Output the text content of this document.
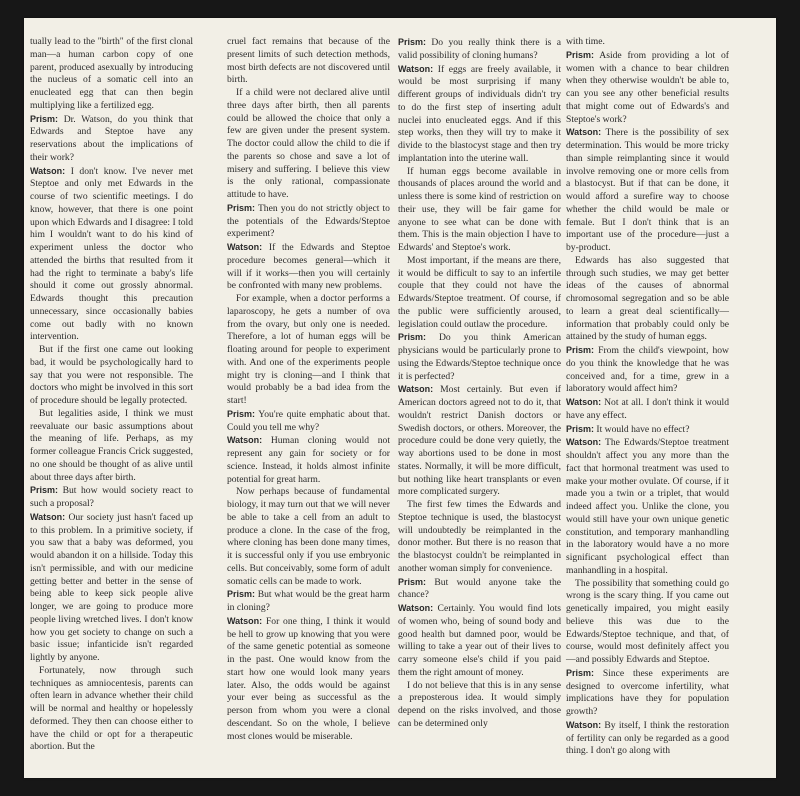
tually lead to the "birth" of the first clonal man—a human carbon copy of one parent, produced asexually by introducing the nucleus of a somatic cell into an enucleated egg that can then begin multiplying like a fertilized egg.

Prism: Dr. Watson, do you think that Edwards and Steptoe have any reservations about the implications of their work?

Watson: I don't know. I've never met Steptoe and only met Edwards in the course of two scientific meetings. I do know, however, that there is one point upon which Edwards and I disagree: I told him I wouldn't want to do his kind of experiment unless the doctor who attended the births that resulted from it had the right to terminate a baby's life should it come out grossly abnormal. Edwards thought this precaution unnecessary, since occasionally babies come out badly with no known intervention.

But if the first one came out looking bad, it would be psychologically hard to say that you were not responsible. The doctors who might be involved in this sort of procedure should be legally protected.

But legalities aside, I think we must reevaluate our basic assumptions about the meaning of life. Perhaps, as my former colleague Francis Crick suggested, no one should be thought of as alive until about three days after birth.

Prism: But how would society react to such a proposal?

Watson: Our society just hasn't faced up to this problem. In a primitive society, if you saw that a baby was deformed, you would abandon it on a hillside. Today this isn't permissible, and with our medicine getting better and better in the sense of being able to keep sick people alive longer, we are going to produce more people living wretched lives. I don't know how you get society to change on such a basic issue; infanticide isn't regarded lightly by anyone.

Fortunately, now through such techniques as amniocentesis, parents can often learn in advance whether their child will be normal and healthy or hopelessly deformed. They then can choose either to have the child or opt for a therapeutic abortion. But the

cruel fact remains that because of the present limits of such detection methods, most birth defects are not discovered until birth.

If a child were not declared alive until three days after birth, then all parents could be allowed the choice that only a few are given under the present system. The doctor could allow the child to die if the parents so chose and save a lot of misery and suffering. I believe this view is the only rational, compassionate attitude to have.

Prism: Then you do not strictly object to the potentials of the Edwards/Steptoe experiment?

Watson: If the Edwards and Steptoe procedure becomes general—which it will if it works—then you will certainly be confronted with many new problems.

For example, when a doctor performs a laparoscopy, he gets a number of ova from the ovary, but only one is needed. Therefore, a lot of human eggs will be floating around for people to experiment with. And one of the experiments people might try is cloning—and I think that would probably be a bad idea from the start!

Prism: You're quite emphatic about that. Could you tell me why?

Watson: Human cloning would not represent any gain for society or for science. Instead, it holds almost infinite potential for great harm.

Now perhaps because of fundamental biology, it may turn out that we will never be able to take a cell from an adult to produce a clone. In the case of the frog, where cloning has been done many times, it is successful only if you use embryonic cells. But conceivably, some form of adult somatic cells can be made to work.

Prism: But what would be the great harm in cloning?

Watson: For one thing, I think it would be hell to grow up knowing that you were of the same genetic potential as someone in the past. One would know from the start how one would look many years later. Also, the odds would be against your ever being as successful as the person from whom you were a clonal descendant. So on the whole, I believe most clones would be miserable.

Prism: Do you really think there is a valid possibility of cloning humans?

Watson: If eggs are freely available, it would be most surprising if many different groups of individuals didn't try to do the first step of inserting adult nuclei into enucleated eggs. And if this step works, then they will try to make it divide to the blastocyst stage and then try implantation into the uterine wall.

If human eggs become available in thousands of places around the world and unless there is some kind of restriction on their use, they will be fair game for anyone to see what can be done with them. This is the main objection I have to Edwards' and Steptoe's work.

Most important, if the means are there, it would be difficult to say to an infertile couple that they could not have the Edwards/Steptoe treatment. Of course, if the public were sufficiently aroused, legislation could outlaw the procedure.

Prism: Do you think American physicians would be particularly prone to using the Edwards/Steptoe technique once it is perfected?

Watson: Most certainly. But even if American doctors agreed not to do it, that wouldn't restrict Danish doctors or Swedish doctors, or others. Moreover, the procedure could be done very quietly, the way abortions used to be done in most states. Normally, it will be more difficult, but nothing like heart transplants or even more complicated surgery.

The first few times the Edwards and Steptoe technique is used, the blastocyst will undoubtedly be reimplanted in the donor mother. But there is no reason that the blastocyst couldn't be reimplanted in another woman simply for convenience.

Prism: But would anyone take the chance?

Watson: Certainly. You would find lots of women who, being of sound body and good health but damned poor, would be willing to take a year out of their lives to carry someone else's child if you paid them the right amount of money.

I do not believe that this is in any sense a preposterous idea. It would simply depend on the risks involved, and those can be determined only

with time.

Prism: Aside from providing a lot of women with a chance to bear children when they otherwise wouldn't be able to, can you see any other beneficial results that might come out of Edwards's and Steptoe's work?

Watson: There is the possibility of sex determination. This would be more tricky than simple reimplanting since it would involve removing one or more cells from a blastocyst. But if that can be done, it would afford a surefire way to choose whether the child would be male or female. But I don't think that is an important use of the procedure—just a by-product.

Edwards has also suggested that through such studies, we may get better ideas of the causes of abnormal chromosomal segregation and so be able to learn a great deal scientifically—information that probably could only be attained by the study of human eggs.

Prism: From the child's viewpoint, how do you think the knowledge that he was conceived and, for a time, grew in a laboratory would affect him?

Watson: Not at all. I don't think it would have any effect.

Prism: It would have no effect?

Watson: The Edwards/Steptoe treatment shouldn't affect you any more than the fact that hormonal treatment was used to make your mother ovulate. Of course, if it made you a twin or a triplet, that would indeed affect you. Unlike the clone, you would still have your own unique genetic constitution, and temporary manhandling in the laboratory would have a no more significant psychological effect than manhandling in a hospital.

The possibility that something could go wrong is the scary thing. If you came out genetically impaired, you might easily believe this was due to the Edwards/Steptoe technique, and that, of course, would most definitely affect you—and possibly Edwards and Steptoe.

Prism: Since these experiments are designed to overcome infertility, what implications have they for population growth?

Watson: By itself, I think the restoration of fertility can only be regarded as a good thing. I don't go along with
